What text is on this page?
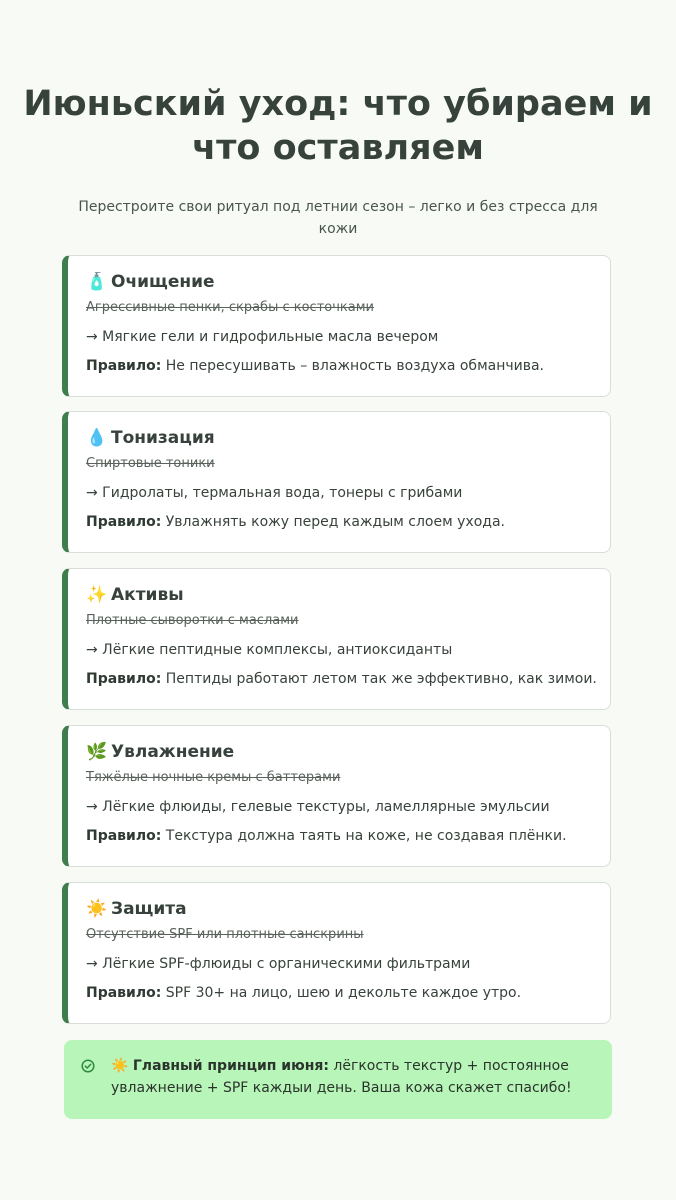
Июньский уход: что убираем и что оставляем

Перестроите свои ритуал под летнии сезон – легко и без стресса для кожи

🧴 Очищение
Агрессивные пенки, скрабы с косточками
→ Мягкие гели и гидрофильные масла вечером
Правило: Не пересушивать – влажность воздуха обманчива.
💧 Тонизация
Спиртовые тоники
→ Гидролаты, термальная вода, тонеры с грибами
Правило: Увлажнять кожу перед каждым слоем ухода.
✨ Активы
Плотные сыворотки с маслами
→ Лёгкие пептидные комплексы, антиоксиданты
Правило: Пептиды работают летом так же эффективно, как зимои.
🌿 Увлажнение
Тяжёлые ночные кремы с баттерами
→ Лёгкие флюиды, гелевые текстуры, ламеллярные эмульсии
Правило: Текстура должна таять на коже, не создавая плёнки.
☀️ Защита
Отсутствие SPF или плотные санскрины
→ Лёгкие SPF-флюиды с органическими фильтрами
Правило: SPF 30+ на лицо, шею и декольте каждое утро.
☀️ Главный принцип июня: лёгкость текстур + постоянное увлажнение + SPF каждыи день. Ваша кожа скажет спасибо!
